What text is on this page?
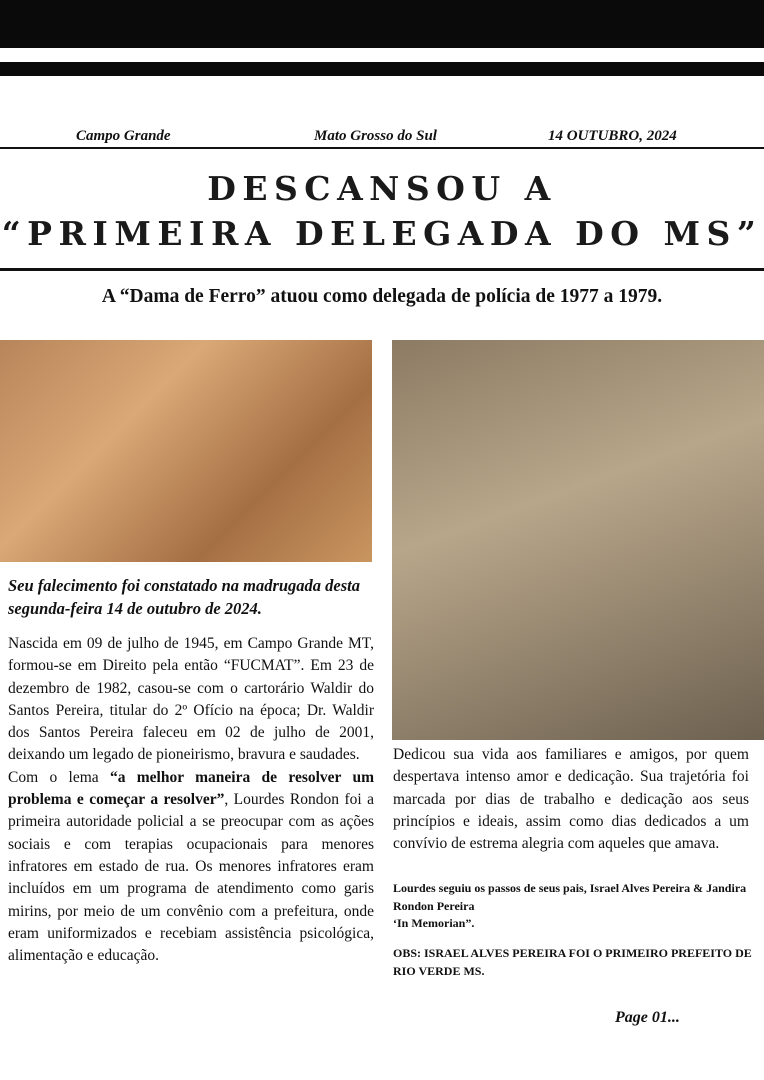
Campo Grande	Mato Grosso do Sul	14 OUTUBRO, 2024
DESCANSOU A
“PRIMEIRA DELEGADA DO MS”
A “Dama de Ferro” atuou como delegada de polícia de 1977 a 1979.
Seu falecimento foi constatado na madrugada desta segunda-feira 14 de outubro de 2024.

Nascida em 09 de julho de 1945, em Campo Grande MT, formou-se em Direito pela então “FUCMAT”. Em 23 de dezembro de 1982, casou-se com o cartorário Waldir do Santos Pereira, titular do 2º Ofício na época; Dr. Waldir dos Santos Pereira faleceu em 02 de julho de 2001, deixando um legado de pioneirismo, bravura e saudades.

Com o lema “a melhor maneira de resolver um problema e começar a resolver”, Lourdes Rondon foi a primeira autoridade policial a se preocupar com as ações sociais e com terapias ocupacionais para menores infratores em estado de rua. Os menores infratores eram incluídos em um programa de atendimento como garis mirins, por meio de um convênio com a prefeitura, onde eram uniformizados e recebiam assistência psicológica, alimentação e educação.

Dedicou sua vida aos familiares e amigos, por quem despertava intenso amor e dedicação. Sua trajetória foi marcada por dias de trabalho e dedicação aos seus princípios e ideais, assim como dias dedicados a um convívio de estrema alegria com aqueles que amava.
Lourdes seguiu os passos de seus pais, Israel Alves Pereira & Jandira Rondon Pereira
‘In Memorian”.
OBS: ISRAEL ALVES PEREIRA FOI O PRIMEIRO PREFEITO DE RIO VERDE MS.
Page 01...
